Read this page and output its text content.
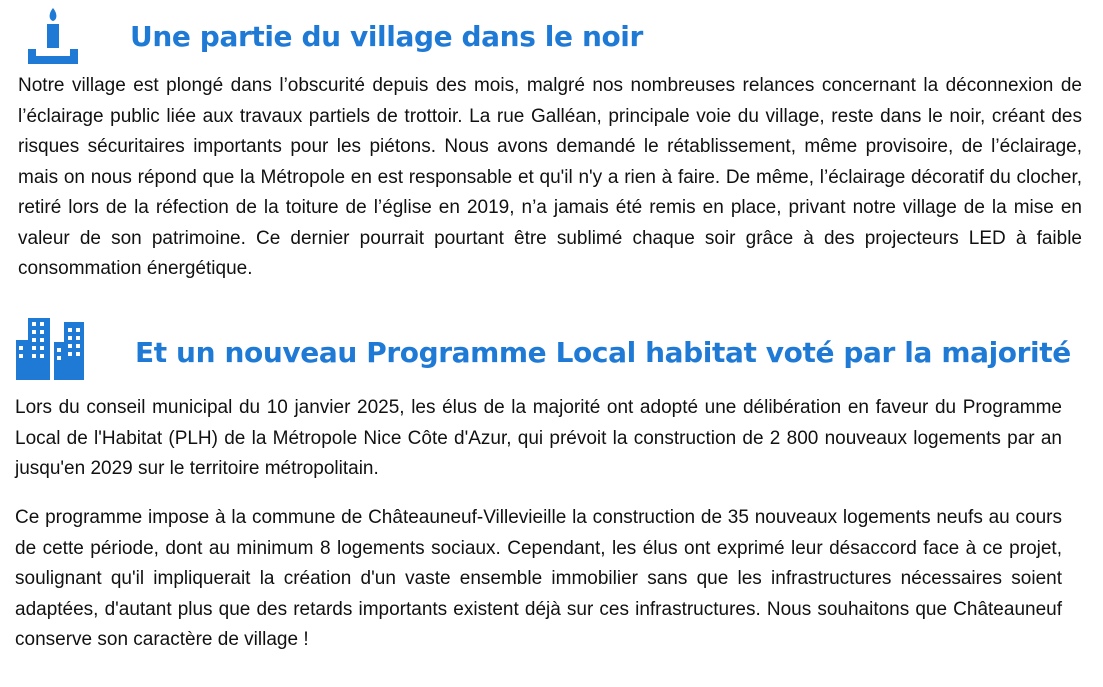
Une partie du village dans le noir

Notre village est plongé dans l’obscurité depuis des mois, malgré nos nombreuses relances concernant la déconnexion de l’éclairage public liée aux travaux partiels de trottoir. La rue Galléan, principale voie du village, reste dans le noir, créant des risques sécuritaires importants pour les piétons. Nous avons demandé le rétablissement, même provisoire, de l’éclairage, mais on nous répond que la Métropole en est responsable et qu'il n'y a rien à faire. De même, l’éclairage décoratif du clocher, retiré lors de la réfection de la toiture de l’église en 2019, n’a jamais été remis en place, privant notre village de la mise en valeur de son patrimoine. Ce dernier pourrait pourtant être sublimé chaque soir grâce à des projecteurs LED à faible consommation énergétique.

Et un nouveau Programme Local habitat voté par la majorité

Lors du conseil municipal du 10 janvier 2025, les élus de la majorité ont adopté une délibération en faveur du Programme Local de l'Habitat (PLH) de la Métropole Nice Côte d'Azur, qui prévoit la construction de 2 800 nouveaux logements par an jusqu'en 2029 sur le territoire métropolitain.

Ce programme impose à la commune de Châteauneuf-Villevieille la construction de 35 nouveaux logements neufs au cours de cette période, dont au minimum 8 logements sociaux. Cependant, les élus ont exprimé leur désaccord face à ce projet, soulignant qu'il impliquerait la création d'un vaste ensemble immobilier sans que les infrastructures nécessaires soient adaptées, d'autant plus que des retards importants existent déjà sur ces infrastructures. Nous souhaitons que Châteauneuf conserve son caractère de village !
